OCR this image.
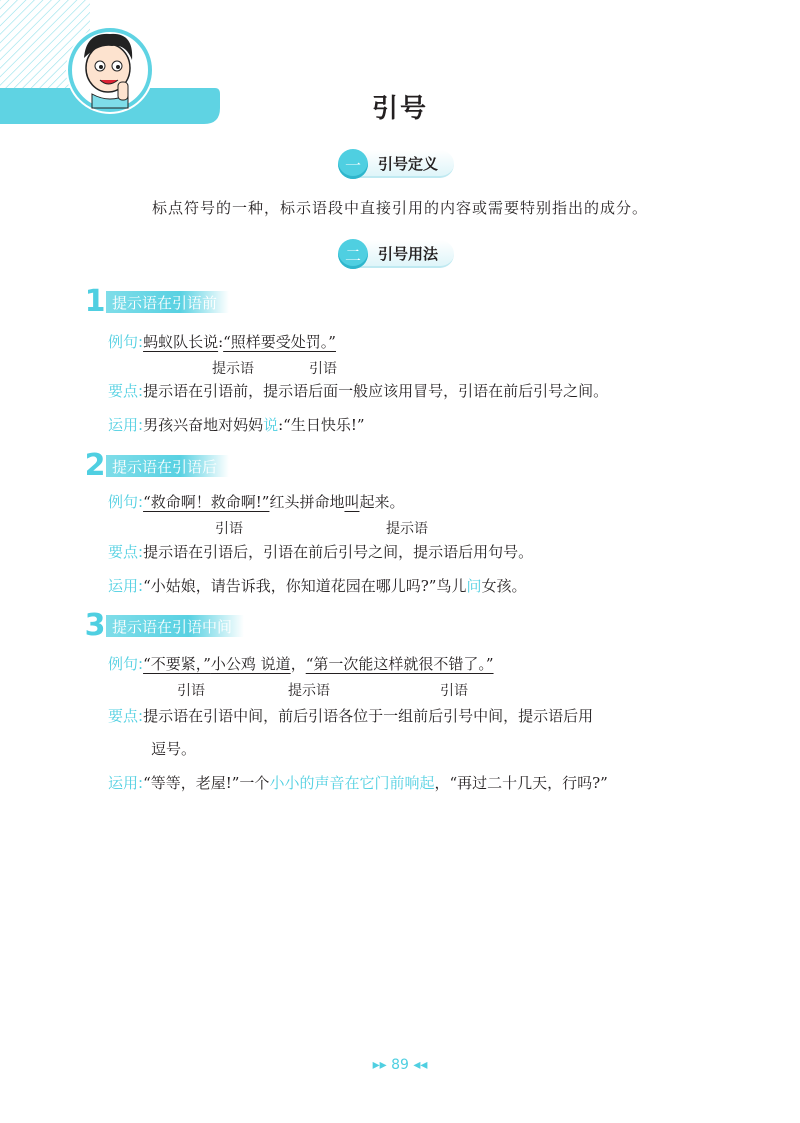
引号
一	引号定义
标点符号的一种，标示语段中直接引用的内容或需要特别指出的成分。
二	引号用法
1 提示语在引语前
例句:蚂蚁队长说:“照样要受处罚。”
提示语	引语
要点:提示语在引语前，提示语后面一般应该用冒号，引语在前后引号之间。
运用:男孩兴奋地对妈妈说:“生日快乐!”
2 提示语在引语后
例句:“救命啊！救命啊!”红头拼命地叫起来。
引语	提示语
要点:提示语在引语后，引语在前后引号之间，提示语后用句号。
运用:“小姑娘，请告诉我，你知道花园在哪儿吗?”鸟儿问女孩。
3 提示语在引语中间
例句:“不要紧，”小公鸡 说道，“第一次能这样就很不错了。”
引语	提示语	引语
要点:提示语在引语中间，前后引语各位于一组前后引号中间，提示语后用
逗号。
运用:“等等，老屋!”一个小小的声音在它门前响起，“再过二十几天，行吗?”
▸▸ 89 ◂◂
